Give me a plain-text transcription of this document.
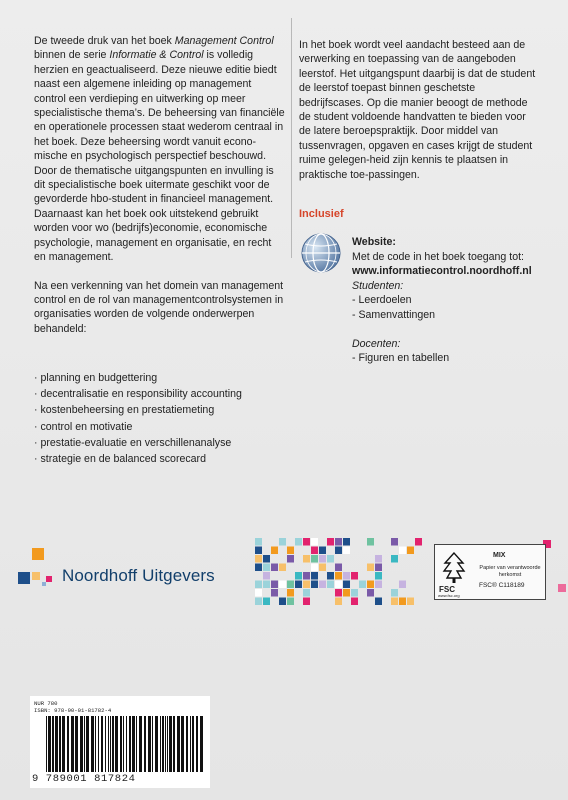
De tweede druk van het boek Management Control binnen de serie Informatie & Control is volledig herzien en geactualiseerd. Deze nieuwe editie biedt naast een algemene inleiding op management control een verdieping en uitwerking op meer specialistische thema’s. De beheersing van financiële en operationele processen staat wederom centraal in het boek. Deze beheersing wordt vanuit econo-mische en psychologisch perspectief beschouwd. Door de thematische uitgangspunten en invulling is dit specialistische boek uitermate geschikt voor de gevorderde hbo-student in financieel management. Daarnaast kan het boek ook uitstekend gebruikt worden voor wo (bedrijfs)economie, economische psychologie, management en organisatie, en recht en management.

Na een verkenning van het domein van management control en de rol van managementcontrolsystemen in organisaties worden de volgende onderwerpen behandeld:

· planning en budgettering
· decentralisatie en responsibility accounting
· kostenbeheersing en prestatiemeting
· control en motivatie
· prestatie-evaluatie en verschillenanalyse
· strategie en de balanced scorecard

In het boek wordt veel aandacht besteed aan de verwerking en toepassing van de aangeboden leerstof. Het uitgangspunt daarbij is dat de student de leerstof toepast binnen geschetste bedrijfscases. Op die manier beoogt de methode de student voldoende handvatten te bieden voor de latere beroepspraktijk. Door middel van tussenvragen, opgaven en cases krijgt de student ruime gelegen-heid zijn kennis te plaatsen in praktische toe-passingen.

Inclusief
Website:
Met de code in het boek toegang tot:
www.informatiecontrol.noordhoff.nl
Studenten:
- Leerdoelen
- Samenvattingen
Docenten:
- Figuren en tabellen
Noordhoff Uitgevers
FSC
www.fsc.org
MIX
Papier van verantwoorde herkomst
FSC® C118189
NUR 780
ISBN: 978-90-01-81782-4
9 789001 817824
